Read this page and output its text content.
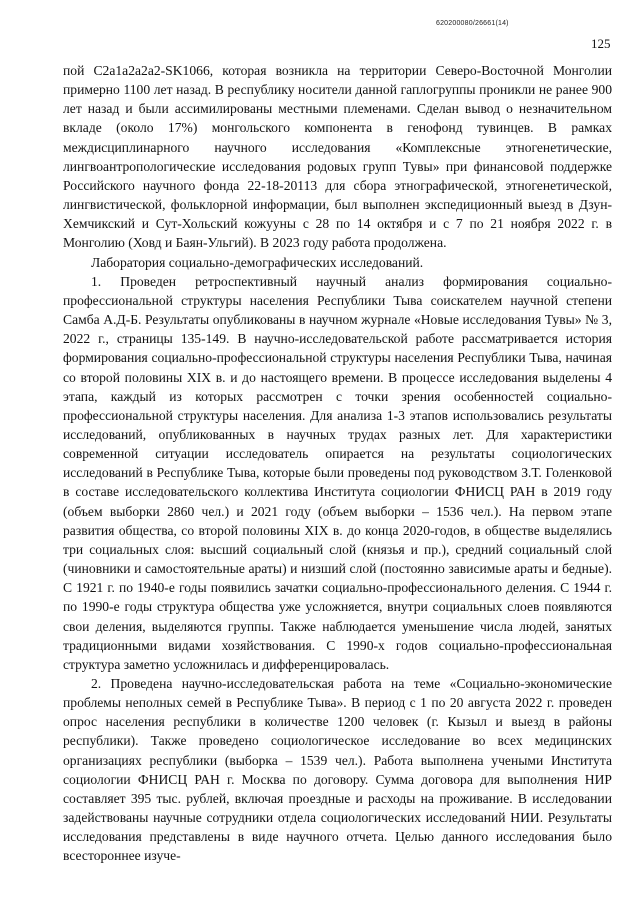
620200080/26661(14)
125

пой C2a1a2a2a2-SK1066, которая возникла на территории Северо-Восточной Монголии примерно 1100 лет назад. В республику носители данной гаплогруппы проникли не ранее 900 лет назад и были ассимилированы местными племенами. Сделан вывод о незначительном вкладе (около 17%) монгольского компонента в генофонд тувинцев. В рамках междисциплинарного научного исследования «Комплексные этногенетические, лингвоантропологические исследования родовых групп Тувы» при финансовой поддержке Российского научного фонда 22-18-20113 для сбора этнографической, этногенетической, лингвистической, фольклорной информации, был выполнен экспедиционный выезд в Дзун-Хемчикский и Сут-Хольский кожууны с 28 по 14 октября и с 7 по 21 ноября 2022 г. в Монголию (Ховд и Баян-Ульгий). В 2023 году работа продолжена.

Лаборатория социально-демографических исследований.

1. Проведен ретроспективный научный анализ формирования социально-профессиональной структуры населения Республики Тыва соискателем научной степени Самба А.Д-Б. Результаты опубликованы в научном журнале «Новые исследования Тувы» № 3, 2022 г., страницы 135-149. В научно-исследовательской работе рассматривается история формирования социально-профессиональной структуры населения Республики Тыва, начиная со второй половины XIX в. и до настоящего времени. В процессе исследования выделены 4 этапа, каждый из которых рассмотрен с точки зрения особенностей социально-профессиональной структуры населения. Для анализа 1-3 этапов использовались результаты исследований, опубликованных в научных трудах разных лет. Для характеристики современной ситуации исследователь опирается на результаты социологических исследований в Республике Тыва, которые были проведены под руководством З.Т. Голенковой в составе исследовательского коллектива Института социологии ФНИСЦ РАН в 2019 году (объем выборки 2860 чел.) и 2021 году (объем выборки – 1536 чел.). На первом этапе развития общества, со второй половины XIX в. до конца 2020-годов, в обществе выделялись три социальных слоя: высший социальный слой (князья и пр.), средний социальный слой (чиновники и самостоятельные араты) и низший слой (постоянно зависимые араты и бедные). С 1921 г. по 1940-е годы появились зачатки социально-профессионального деления. С 1944 г. по 1990-е годы структура общества уже усложняется, внутри социальных слоев появляются свои деления, выделяются группы. Также наблюдается уменьшение числа людей, занятых традиционными видами хозяйствования. С 1990-х годов социально-профессиональная структура заметно усложнилась и дифференцировалась.

2. Проведена научно-исследовательская работа на теме «Социально-экономические проблемы неполных семей в Республике Тыва». В период с 1 по 20 августа 2022 г. проведен опрос населения республики в количестве 1200 человек (г. Кызыл и выезд в районы республики). Также проведено социологическое исследование во всех медицинских организациях республики (выборка – 1539 чел.). Работа выполнена учеными Института социологии ФНИСЦ РАН г. Москва по договору. Сумма договора для выполнения НИР составляет 395 тыс. рублей, включая проездные и расходы на проживание. В исследовании задействованы научные сотрудники отдела социологических исследований НИИ. Результаты исследования представлены в виде научного отчета. Целью данного исследования было всестороннее изуче-
